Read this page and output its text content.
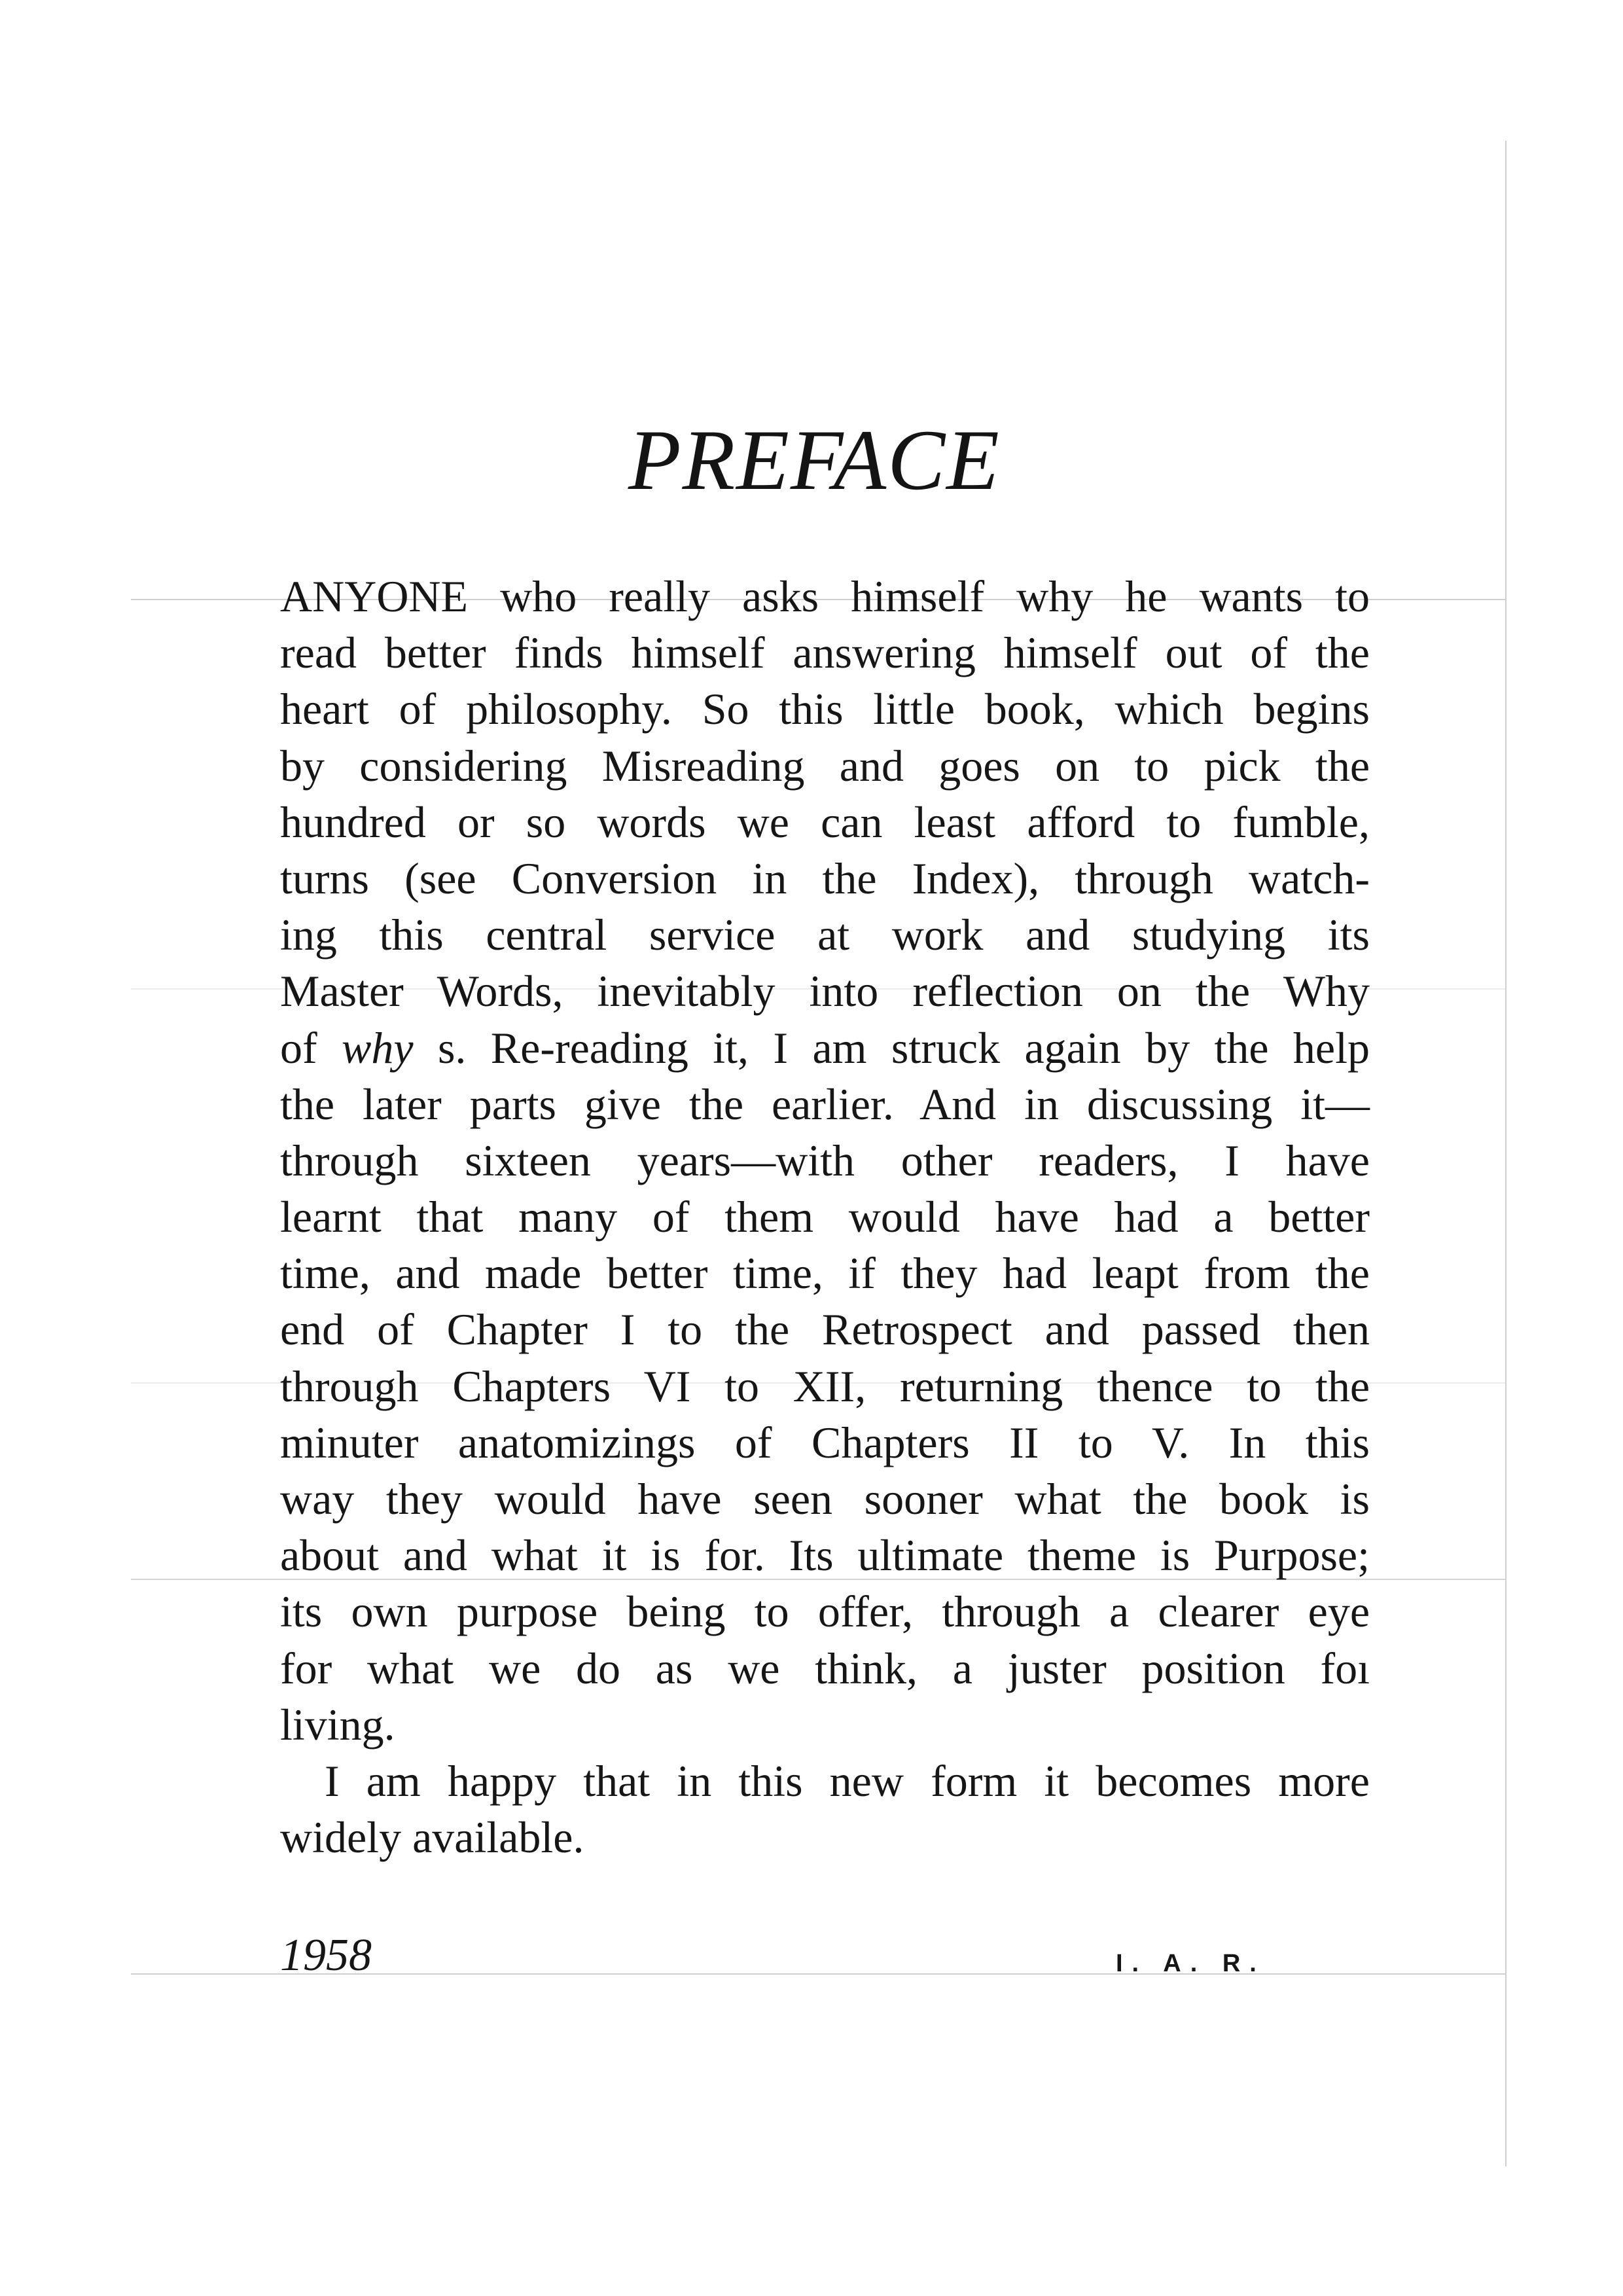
PREFACE
ANYONE who really asks himself why he wants to
read better finds himself answering himself out of the
heart of philosophy. So this little book, which begins
by considering Misreading and goes on to pick the
hundred or so words we can least afford to fumble,
turns (see Conversion in the Index), through watch-
ing this central service at work and studying its
Master Words, inevitably into reflection on the Why
of why s. Re-reading it, I am struck again by the help
the later parts give the earlier. And in discussing it—
through sixteen years—with other readers, I have
learnt that many of them would have had a better
time, and made better time, if they had leapt from the
end of Chapter I to the Retrospect and passed then
through Chapters VI to XII, returning thence to the
minuter anatomizings of Chapters II to V. In this
way they would have seen sooner what the book is
about and what it is for. Its ultimate theme is Purpose;
its own purpose being to offer, through a clearer eye
for what we do as we think, a juster position foı
living.
I am happy that in this new form it becomes more
widely available.
1958	I. A. R.
